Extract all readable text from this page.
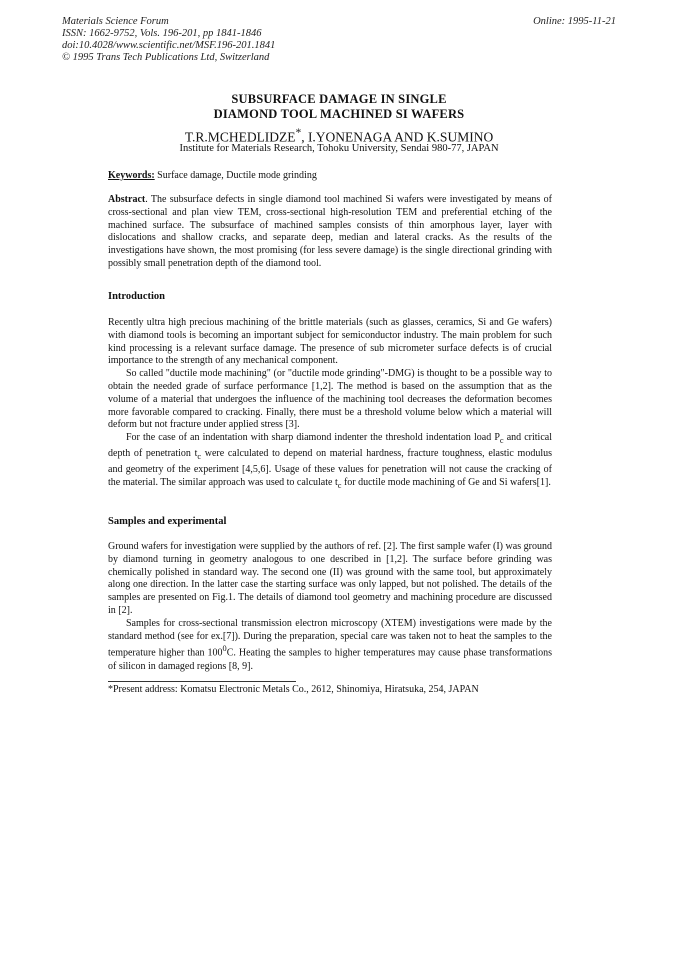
Materials Science Forum
ISSN: 1662-9752, Vols. 196-201, pp 1841-1846
doi:10.4028/www.scientific.net/MSF.196-201.1841
© 1995 Trans Tech Publications Ltd, Switzerland
Online: 1995-11-21
SUBSURFACE DAMAGE IN SINGLE
DIAMOND TOOL MACHINED SI WAFERS
T.R.MCHEDLIDZE*, I.YONENAGA AND K.SUMINO
Institute for Materials Research, Tohoku University, Sendai 980-77, JAPAN
Keywords: Surface damage, Ductile mode grinding
Abstract. The subsurface defects in single diamond tool machined Si wafers were investigated by means of cross-sectional and plan view TEM, cross-sectional high-resolution TEM and preferential etching of the machined surface. The subsurface of machined samples consists of thin amorphous layer, layer with dislocations and shallow cracks, and separate deep, median and lateral cracks. As the results of the investigations have shown, the most promising (for less severe damage) is the single directional grinding with possibly small penetration depth of the diamond tool.
Introduction

Recently ultra high precious machining of the brittle materials (such as glasses, ceramics, Si and Ge wafers) with diamond tools is becoming an important subject for semiconductor industry. The main problem for such kind processing is a relevant surface damage. The presence of sub micrometer surface defects is of crucial importance to the strength of any mechanical component.

So called "ductile mode machining" (or "ductile mode grinding"-DMG) is thought to be a possible way to obtain the needed grade of surface performance [1,2]. The method is based on the assumption that as the volume of a material that undergoes the influence of the machining tool decreases the deformation becomes more favorable compared to cracking. Finally, there must be a threshold volume below which a material will deform but not fracture under applied stress [3].

For the case of an indentation with sharp diamond indenter the threshold indentation load $P_c$ and critical depth of penetration $t_c$ were calculated to depend on material hardness, fracture toughness, elastic modulus and geometry of the experiment [4,5,6]. Usage of these values for penetration will not cause the cracking of the material. The similar approach was used to calculate $t_c$ for ductile mode machining of Ge and Si wafers[1].

Samples and experimental

Ground wafers for investigation were supplied by the authors of ref. [2]. The first sample wafer (I) was ground by diamond turning in geometry analogous to one described in [1,2]. The surface before grinding was chemically polished in standard way. The second one (II) was ground with the same tool, but approximately along one direction. In the latter case the starting surface was only lapped, but not polished. The details of the samples are presented on Fig.1. The details of diamond tool geometry and machining procedure are discussed in [2].

Samples for cross-sectional transmission electron microscopy (XTEM) investigations were made by the standard method (see for ex.[7]). During the preparation, special care was taken not to heat the samples to the temperature higher than $100^0C$. Heating the samples to higher temperatures may cause phase transformations of silicon in damaged regions [8, 9].

*Present address: Komatsu Electronic Metals Co., 2612, Shinomiya, Hiratsuka, 254, JAPAN
